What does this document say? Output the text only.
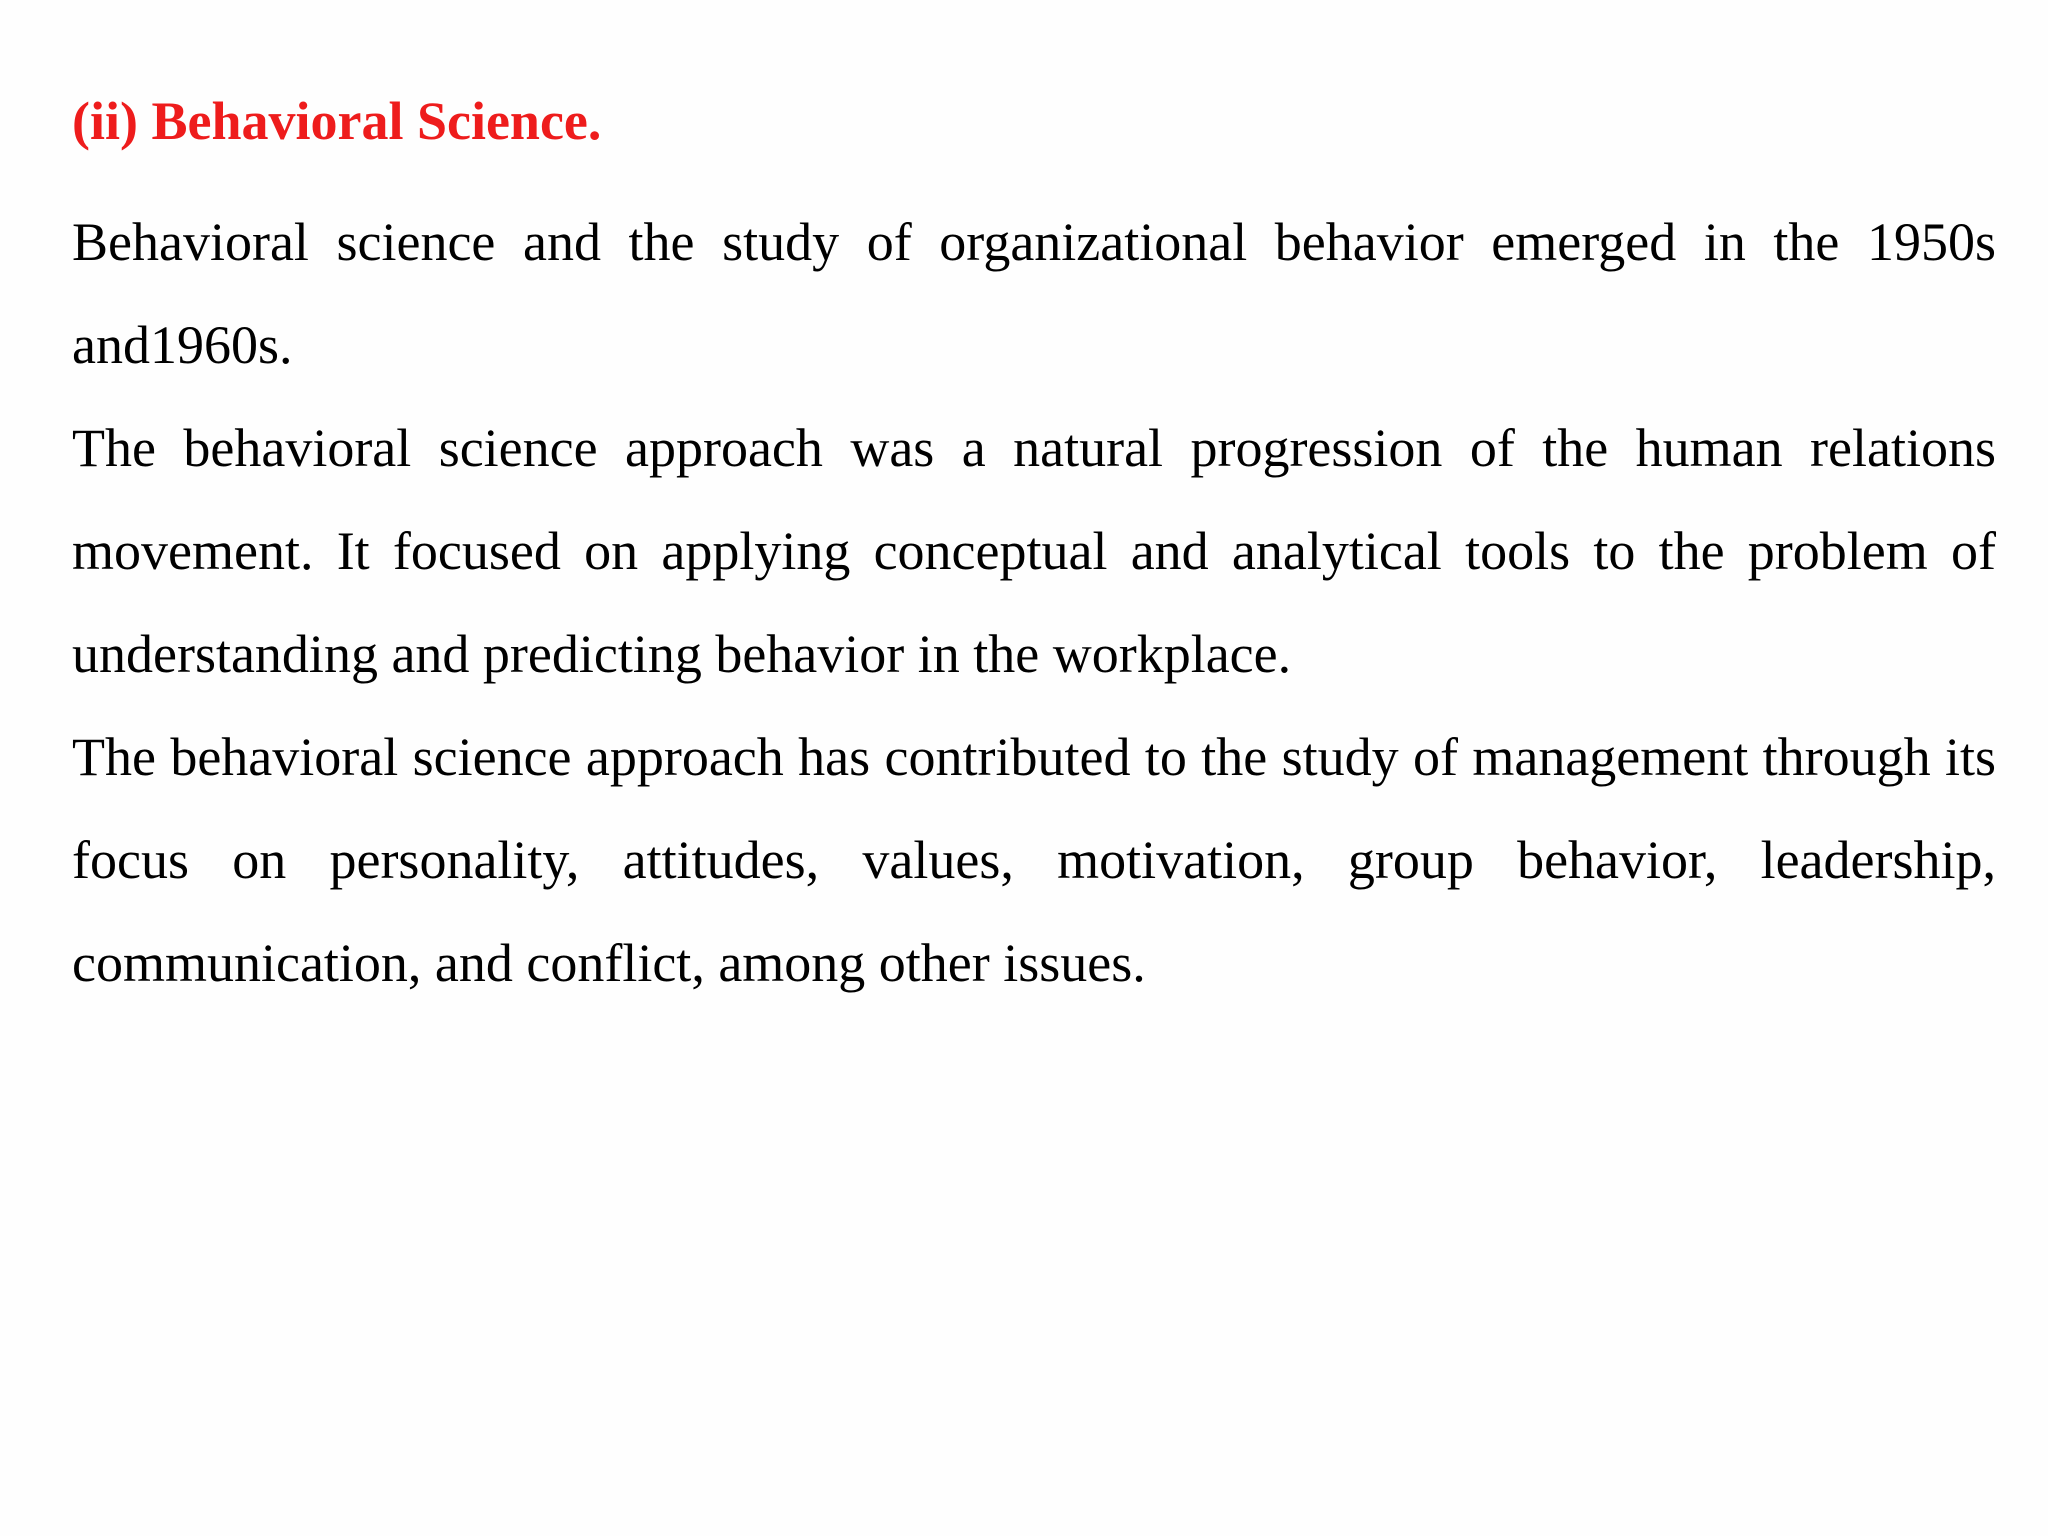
(ii) Behavioral Science.

Behavioral science and the study of organizational behavior emerged in the 1950s and1960s.

The behavioral science approach was a natural progression of the human relations movement. It focused on applying conceptual and analytical tools to the problem of understanding and predicting behavior in the workplace.

The behavioral science approach has contributed to the study of management through its focus on personality, attitudes, values, motivation, group behavior, leadership, communication, and conflict, among other issues.
